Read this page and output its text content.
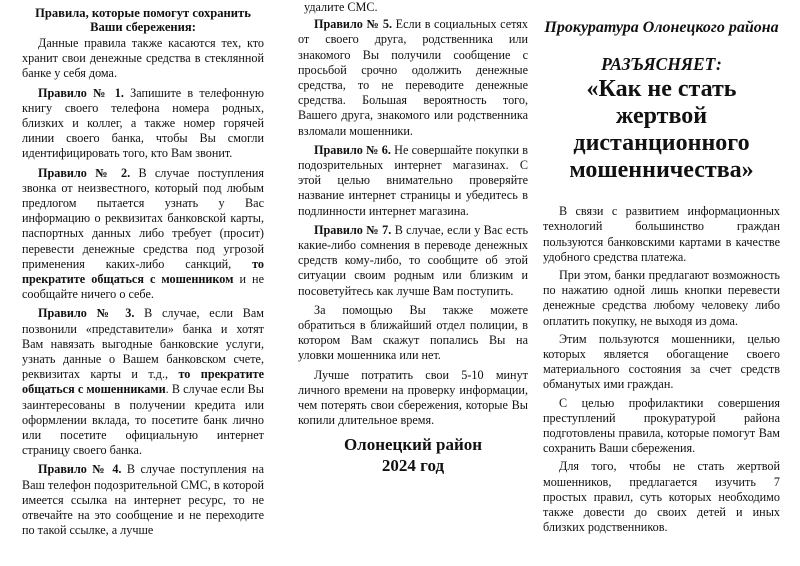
Правила, которые помогут сохранить Ваши сбережения:

Данные правила также касаются тех, кто хранит свои денежные средства в стеклянной банке у себя дома.

Правило № 1. Запишите в телефонную книгу своего телефона номера родных, близких и коллег, а также номер горячей линии своего банка, чтобы Вы смогли идентифицировать того, кто Вам звонит.

Правило № 2. В случае поступления звонка от неизвестного, который под любым предлогом пытается узнать у Вас информацию о реквизитах банковской карты, паспортных данных либо требует (просит) перевести денежные средства под угрозой применения каких-либо санкций, то прекратите общаться с мошенником и не сообщайте ничего о себе.

Правило № 3. В случае, если Вам позвонили «представители» банка и хотят Вам навязать выгодные банковские услуги, узнать данные о Вашем банковском счете, реквизитах карты и т.д., то прекратите общаться с мошенниками. В случае если Вы заинтересованы в получении кредита или оформлении вклада, то посетите банк лично или посетите официальную интернет страницу своего банка.

Правило № 4. В случае поступления на Ваш телефон подозрительной СМС, в которой имеется ссылка на интернет ресурс, то не отвечайте на это сообщение и не переходите по такой ссылке, а лучше

удалите СМС.

Правило № 5. Если в социальных сетях от своего друга, родственника или знакомого Вы получили сообщение с просьбой срочно одолжить денежные средства, то не переводите денежные средства. Большая вероятность того, Вашего друга, знакомого или родственника взломали мошенники.

Правило № 6. Не совершайте покупки в подозрительных интернет магазинах. С этой целью внимательно проверяйте название интернет страницы и убедитесь в подлинности интернет магазина.

Правило № 7. В случае, если у Вас есть какие-либо сомнения в переводе денежных средств кому-либо, то сообщите об этой ситуации своим родным или близким и посоветуйтесь как лучше Вам поступить.

За помощью Вы также можете обратиться в ближайший отдел полиции, в котором Вам скажут попались Вы на уловки мошенника или нет.

Лучше потратить свои 5-10 минут личного времени на проверку информации, чем потерять свои сбережения, которые Вы копили длительное время.

Олонецкий район
2024 год
Прокуратура Олонецкого района
РАЗЪЯСНЯЕТ:
«Как не стать жертвой дистанционного мошенничества»

В связи с развитием информационных технологий большинство граждан пользуются банковскими картами в качестве удобного средства платежа.

При этом, банки предлагают возможность по нажатию одной лишь кнопки перевести денежные средства любому человеку либо оплатить покупку, не выходя из дома.

Этим пользуются мошенники, целью которых является обогащение своего материального состояния за счет средств обманутых ими граждан.

С целью профилактики совершения преступлений прокуратурой района подготовлены правила, которые помогут Вам сохранить Ваши сбережения.

Для того, чтобы не стать жертвой мошенников, предлагается изучить 7 простых правил, суть которых необходимо также довести до своих детей и иных близких родственников.
